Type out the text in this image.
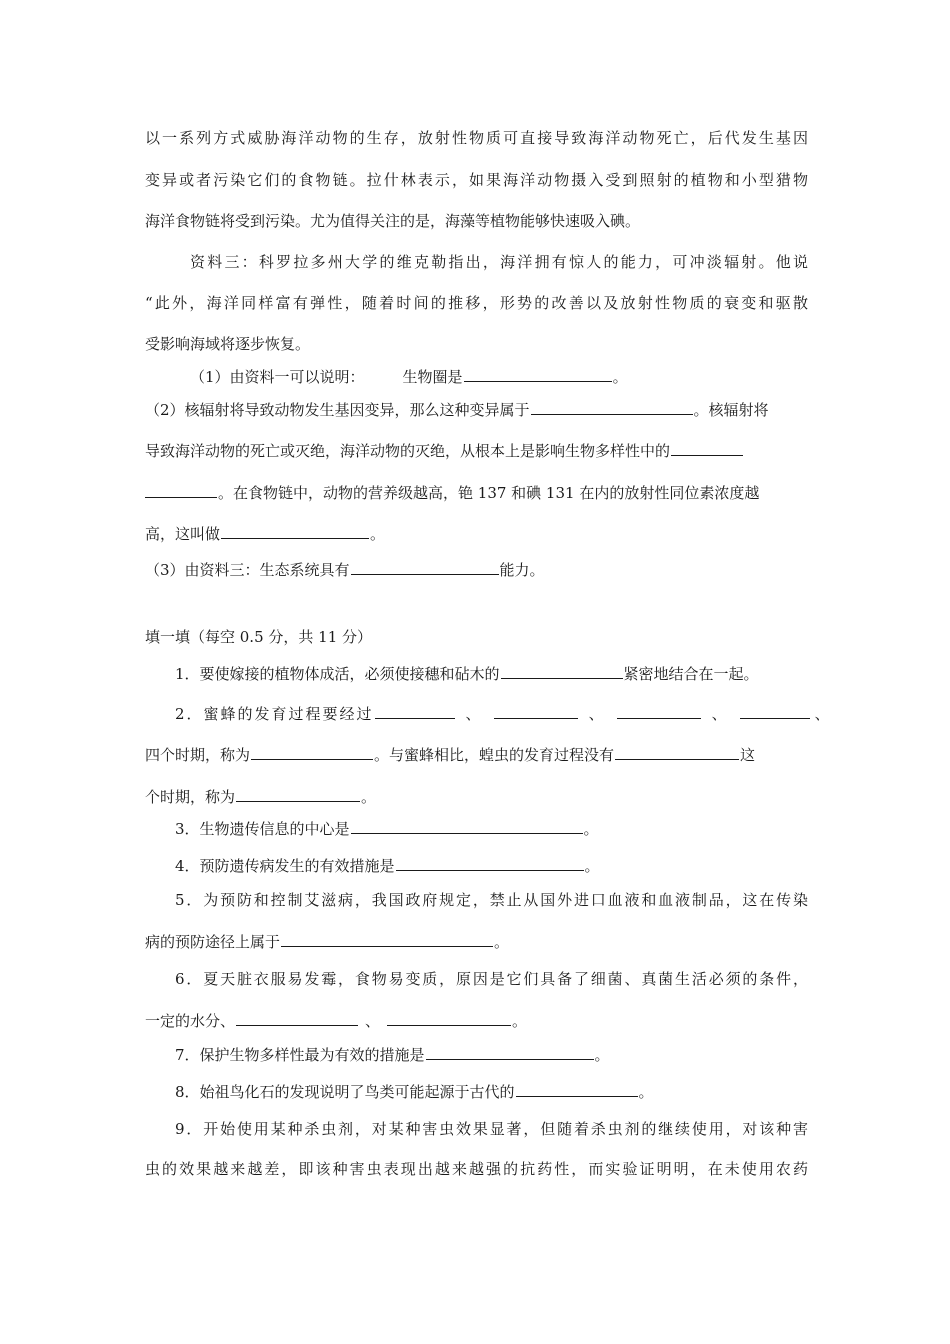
以一系列方式威胁海洋动物的生存，放射性物质可直接导致海洋动物死亡，后代发生基因
变异或者污染它们的食物链。拉什林表示，如果海洋动物摄入受到照射的植物和小型猎物
海洋食物链将受到污染。尤为值得关注的是，海藻等植物能够快速吸入碘。
资料三：科罗拉多州大学的维克勒指出，海洋拥有惊人的能力，可冲淡辐射。他说
“此外，海洋同样富有弹性，随着时间的推移，形势的改善以及放射性物质的衰变和驱散
受影响海域将逐步恢复。
（1）由资料一可以说明：	生物圈是	。
（2）核辐射将导致动物发生基因变异，那么这种变异属于	。核辐射将
导致海洋动物的死亡或灭绝，海洋动物的灭绝，从根本上是影响生物多样性中的
。在食物链中，动物的营养级越高，铯 137 和碘 131 在内的放射性同位素浓度越
高，这叫做	。
（3）由资料三：生态系统具有	能力。
填一填（每空 0.5 分，共 11 分）
1．要使嫁接的植物体成活，必须使接穗和砧木的	紧密地结合在一起。
2．蜜蜂的发育过程要经过	、	、	、	、
四个时期，称为	。与蜜蜂相比，蝗虫的发育过程没有	这
个时期，称为	。
3．生物遗传信息的中心是	。
4．预防遗传病发生的有效措施是	。
5．为预防和控制艾滋病，我国政府规定，禁止从国外进口血液和血液制品，这在传染
病的预防途径上属于	。
6．夏天脏衣服易发霉，食物易变质，原因是它们具备了细菌、真菌生活必须的条件，
一定的水分、	、	。
7．保护生物多样性最为有效的措施是	。
8．始祖鸟化石的发现说明了鸟类可能起源于古代的	。
9．开始使用某种杀虫剂，对某种害虫效果显著，但随着杀虫剂的继续使用，对该种害
虫的效果越来越差，即该种害虫表现出越来越强的抗药性，而实验证明明，在未使用农药
